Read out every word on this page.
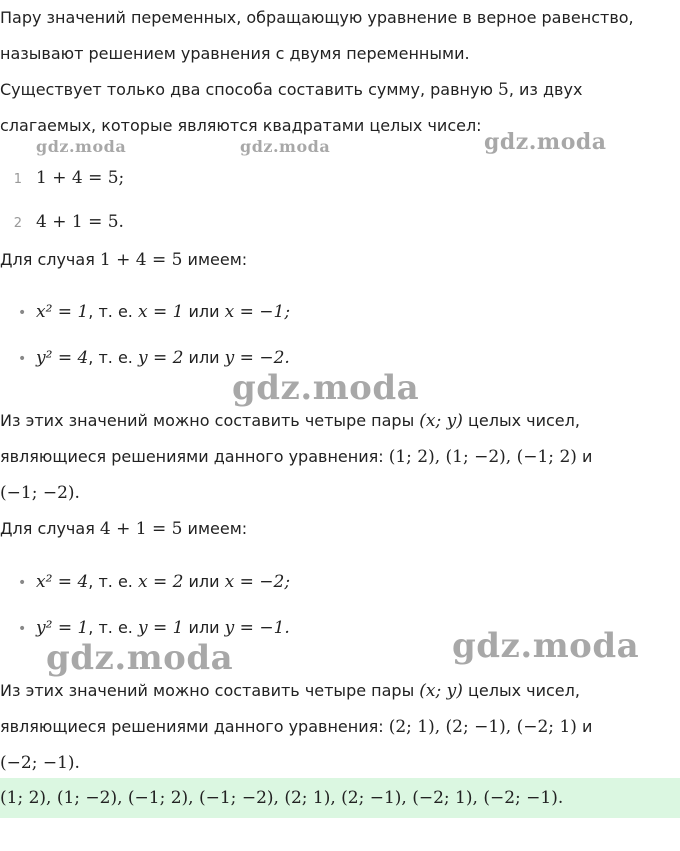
Пару значений переменных, обращающую уравнение в верное равенство,
называют решением уравнения с двумя переменными.
Существует только два способа составить сумму, равную 5, из двух
слагаемых, которые являются квадратами целых чисел:
gdz.moda	gdz.moda	gdz.moda
1 1 + 4 = 5;
2 4 + 1 = 5.
Для случая 1 + 4 = 5 имеем:
• x² = 1, т. е. x = 1 или x = −1;
• y² = 4, т. е. y = 2 или y = −2.
gdz.moda
Из этих значений можно составить четыре пары (x; y) целых чисел,
являющиеся решениями данного уравнения: (1; 2), (1; −2), (−1; 2) и
(−1; −2).
Для случая 4 + 1 = 5 имеем:
• x² = 4, т. е. x = 2 или x = −2;
• y² = 1, т. е. y = 1 или y = −1.
gdz.moda	gdz.moda
Из этих значений можно составить четыре пары (x; y) целых чисел,
являющиеся решениями данного уравнения: (2; 1), (2; −1), (−2; 1) и
(−2; −1).
(1; 2), (1; −2), (−1; 2), (−1; −2), (2; 1), (2; −1), (−2; 1), (−2; −1).
